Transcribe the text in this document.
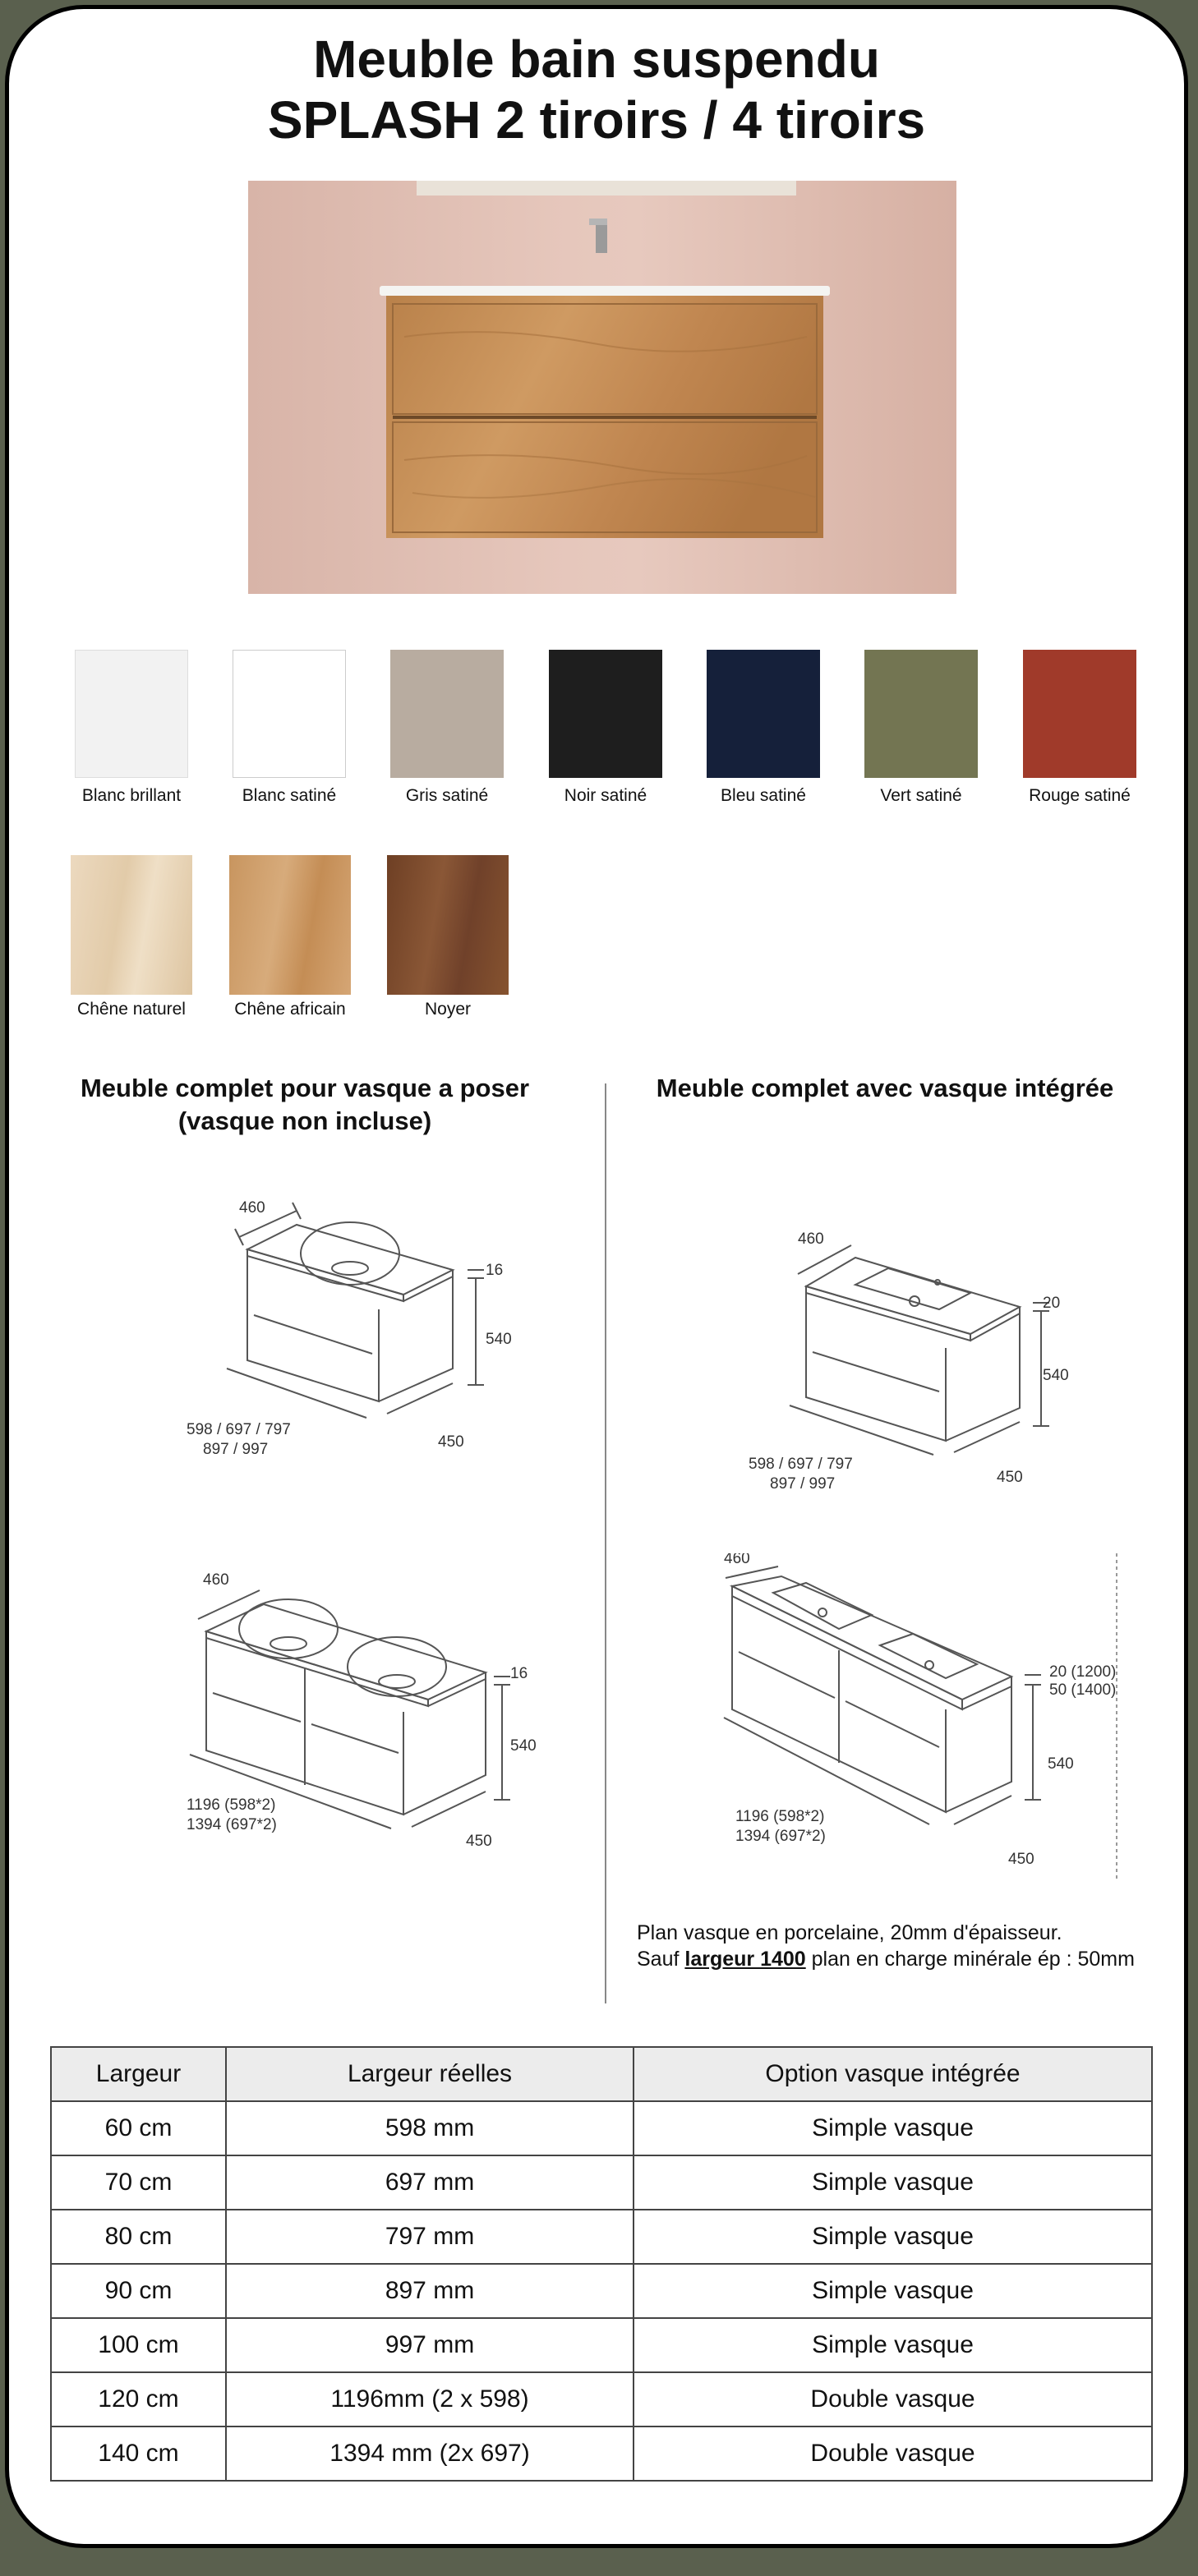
Meuble bain suspendu
SPLASH 2 tiroirs / 4 tiroirs
Blanc brillant	Blanc satiné	Gris satiné	Noir satiné	Bleu satiné	Vert satiné	Rouge satiné
Chêne naturel	Chêne africain	Noyer
Meuble complet pour vasque a poser
(vasque non incluse)
Meuble complet avec vasque intégrée
460
16
540
450
598 / 697 / 797
897 / 997
460
16
540
450
1196 (598*2)
1394 (697*2)
460
20
540
450
598 / 697 / 797
897 / 997
460
20 (1200)
50 (1400)
540
450
1196 (598*2)
1394 (697*2)
Plan vasque en porcelaine, 20mm d'épaisseur.
Sauf largeur 1400 plan en charge minérale ép : 50mm
Largeur	Largeur réelles	Option vasque intégrée
60 cm	598 mm	Simple vasque
70 cm	697 mm	Simple vasque
80 cm	797 mm	Simple vasque
90 cm	897 mm	Simple vasque
100 cm	997 mm	Simple vasque
120 cm	1196mm (2 x 598)	Double vasque
140 cm	1394 mm (2x 697)	Double vasque
